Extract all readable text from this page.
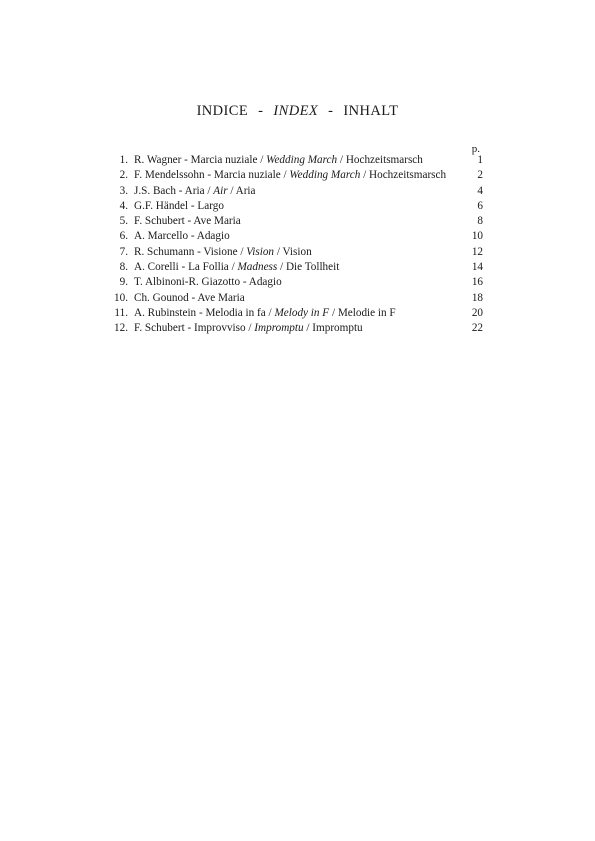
INDICE - INDEX - INHALT
p.
1. R. Wagner - Marcia nuziale / Wedding March / Hochzeitsmarsch	1
2. F. Mendelssohn - Marcia nuziale / Wedding March / Hochzeitsmarsch	2
3. J.S. Bach - Aria / Air / Aria	4
4. G.F. Händel - Largo	6
5. F. Schubert - Ave Maria	8
6. A. Marcello - Adagio	10
7. R. Schumann - Visione / Vision / Vision	12
8. A. Corelli - La Follia / Madness / Die Tollheit	14
9. T. Albinoni-R. Giazotto - Adagio	16
10. Ch. Gounod - Ave Maria	18
11. A. Rubinstein - Melodia in fa / Melody in F / Melodie in F	20
12. F. Schubert - Improvviso / Impromptu / Impromptu	22
